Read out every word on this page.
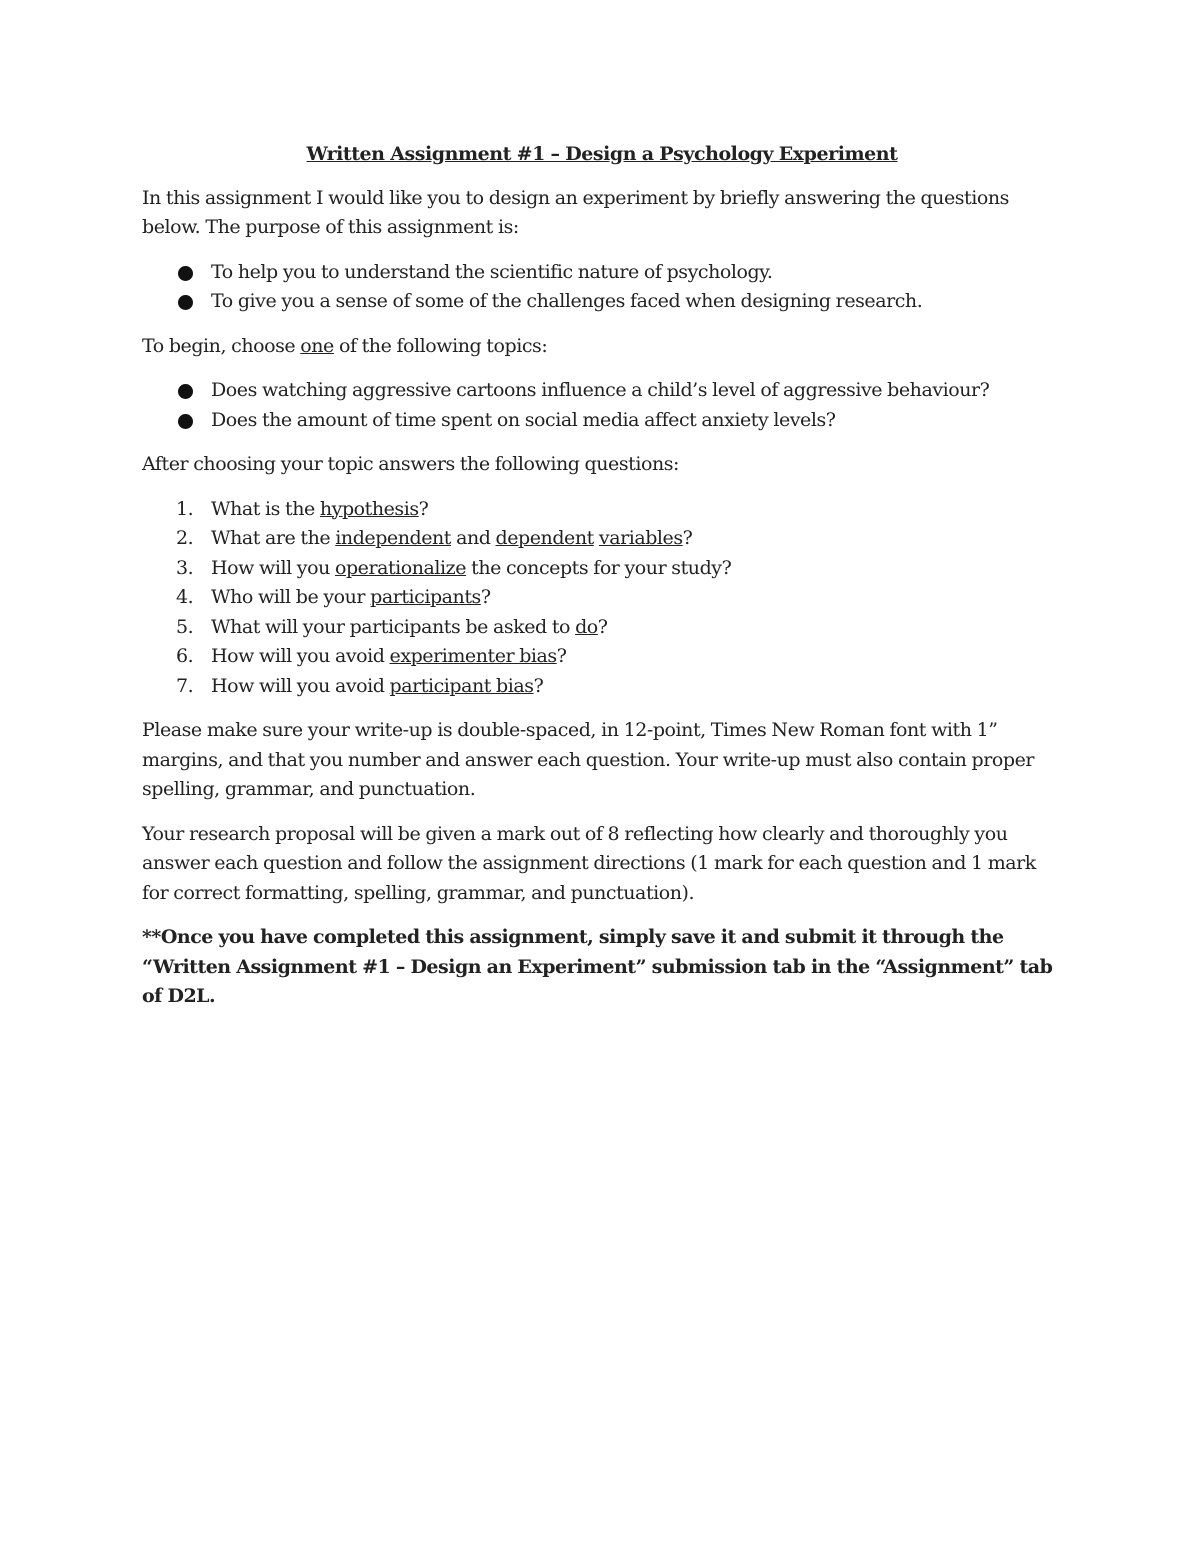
Written Assignment #1 – Design a Psychology Experiment

In this assignment I would like you to design an experiment by briefly answering the questions below. The purpose of this assignment is:

To help you to understand the scientific nature of psychology.
To give you a sense of some of the challenges faced when designing research.

To begin, choose one of the following topics:

Does watching aggressive cartoons influence a child’s level of aggressive behaviour?
Does the amount of time spent on social media affect anxiety levels?

After choosing your topic answers the following questions:

1. What is the hypothesis?
2. What are the independent and dependent variables?
3. How will you operationalize the concepts for your study?
4. Who will be your participants?
5. What will your participants be asked to do?
6. How will you avoid experimenter bias?
7. How will you avoid participant bias?

Please make sure your write-up is double-spaced, in 12-point, Times New Roman font with 1” margins, and that you number and answer each question. Your write-up must also contain proper spelling, grammar, and punctuation.

Your research proposal will be given a mark out of 8 reflecting how clearly and thoroughly you answer each question and follow the assignment directions (1 mark for each question and 1 mark for correct formatting, spelling, grammar, and punctuation).

**Once you have completed this assignment, simply save it and submit it through the “Written Assignment #1 – Design an Experiment” submission tab in the “Assignment” tab of D2L.
